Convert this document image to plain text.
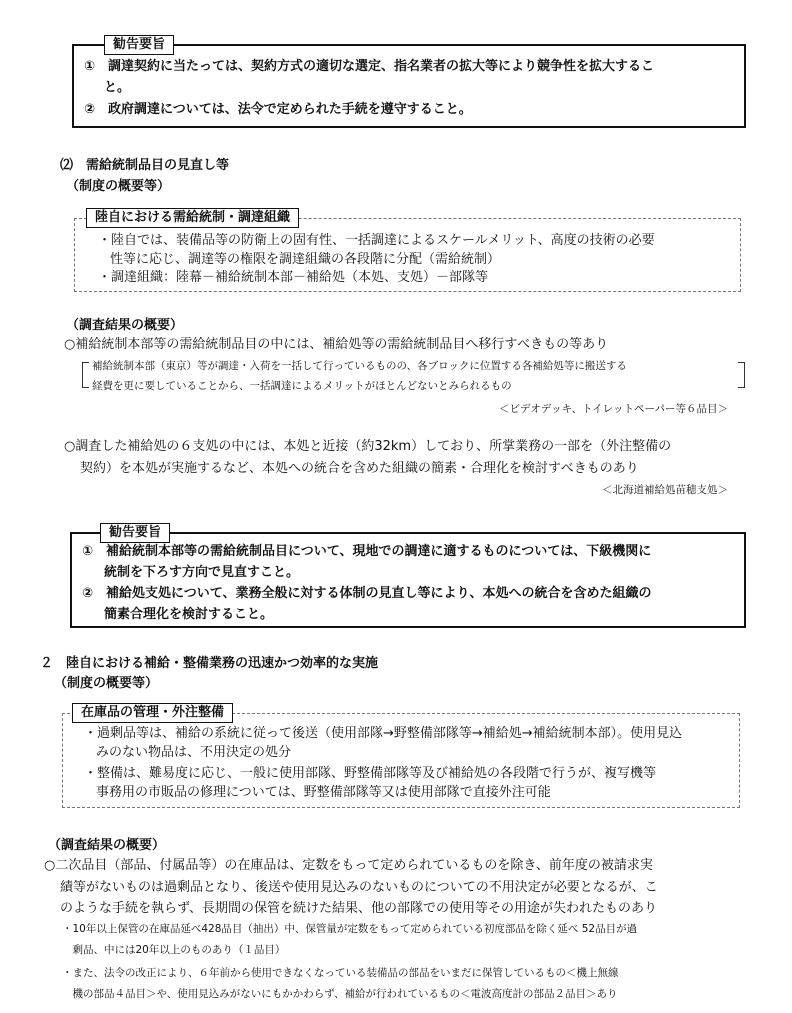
勧告要旨
①　調達契約に当たっては、契約方式の適切な選定、指名業者の拡大等により競争性を拡大するこ
と。
②　政府調達については、法令で定められた手続を遵守すること。
⑵　需給統制品目の見直し等
（制度の概要等）
陸自における需給統制・調達組織
・陸自では、装備品等の防衛上の固有性、一括調達によるスケールメリット、高度の技術の必要
性等に応じ、調達等の権限を調達組織の各段階に分配（需給統制）
・調達組織：陸幕－補給統制本部－補給処（本処、支処）－部隊等
（調査結果の概要）
○補給統制本部等の需給統制品目の中には、補給処等の需給統制品目へ移行すべきもの等あり
補給統制本部（東京）等が調達・入荷を一括して行っているものの、各ブロックに位置する各補給処等に搬送する
経費を更に要していることから、一括調達によるメリットがほとんどないとみられるもの
＜ビデオデッキ、トイレットペーパー等６品目＞
○調査した補給処の６支処の中には、本処と近接（約32km）しており、所掌業務の一部を（外注整備の
契約）を本処が実施するなど、本処への統合を含めた組織の簡素・合理化を検討すべきものあり
＜北海道補給処苗穂支処＞
勧告要旨
①　補給統制本部等の需給統制品目について、現地での調達に適するものについては、下級機関に
統制を下ろす方向で見直すこと。
②　補給処支処について、業務全般に対する体制の見直し等により、本処への統合を含めた組織の
簡素合理化を検討すること。
２　陸自における補給・整備業務の迅速かつ効率的な実施
（制度の概要等）
在庫品の管理・外注整備
・過剰品等は、補給の系統に従って後送（使用部隊→野整備部隊等→補給処→補給統制本部）。使用見込
みのない物品は、不用決定の処分
・整備は、難易度に応じ、一般に使用部隊、野整備部隊等及び補給処の各段階で行うが、複写機等
事務用の市販品の修理については、野整備部隊等又は使用部隊で直接外注可能
（調査結果の概要）
○二次品目（部品、付属品等）の在庫品は、定数をもって定められているものを除き、前年度の被請求実
績等がないものは過剰品となり、後送や使用見込みのないものについての不用決定が必要となるが、こ
のような手続を執らず、長期間の保管を続けた結果、他の部隊での使用等その用途が失われたものあり
・10年以上保管の在庫品延べ428品目（抽出）中、保管量が定数をもって定められている初度部品を除く延べ 52品目が過
　剰品、中には20年以上のものあり（１品目）
・また、法令の改正により、６年前から使用できなくなっている装備品の部品をいまだに保管しているもの＜機上無線
　機の部品４品目＞や、使用見込みがないにもかかわらず、補給が行われているもの＜電波高度計の部品２品目＞あり
